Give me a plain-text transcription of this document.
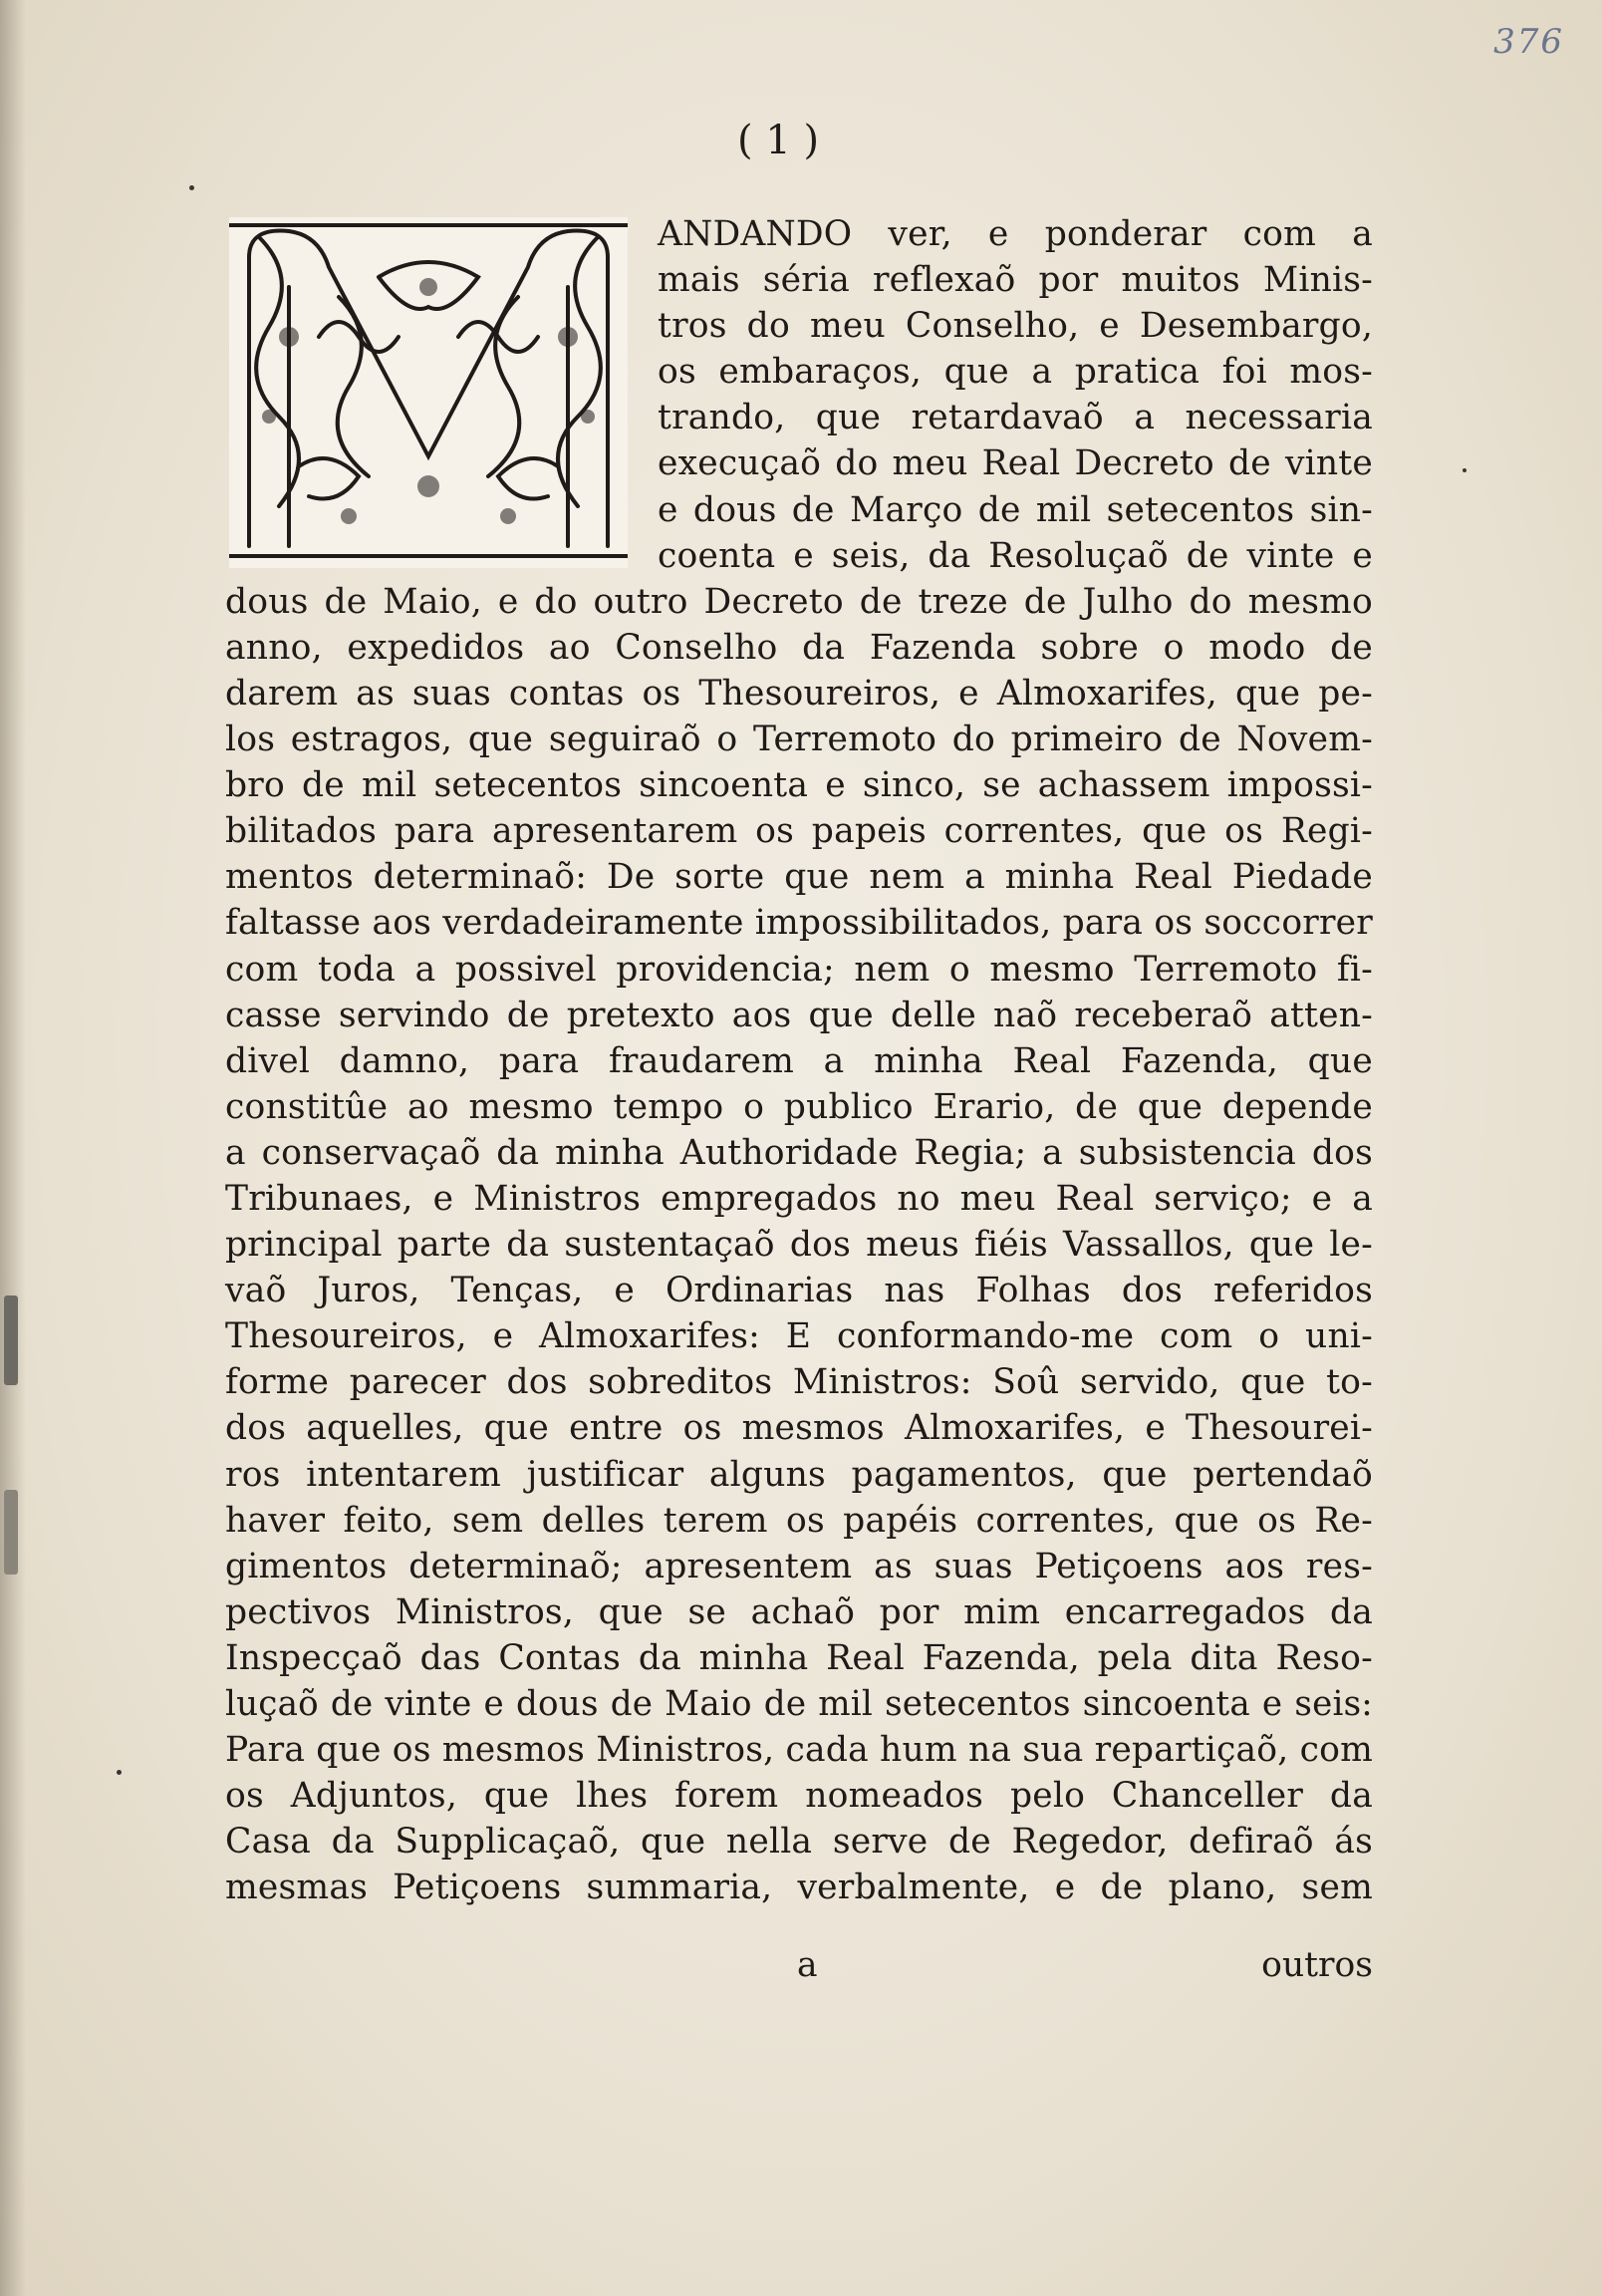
376
( 1 )
ANDANDO ver, e ponderar com a
mais séria reflexaõ por muitos Minis-
tros do meu Conselho, e Desembargo,
os embaraços, que a pratica foi mos-
trando, que retardavaõ a necessaria
execuçaõ do meu Real Decreto de vinte
e dous de Março de mil setecentos sin-
coenta e seis, da Resoluçaõ de vinte e
dous de Maio, e do outro Decreto de treze de Julho do mesmo
anno, expedidos ao Conselho da Fazenda sobre o modo de
darem as suas contas os Thesoureiros, e Almoxarifes, que pe-
los estragos, que seguiraõ o Terremoto do primeiro de Novem-
bro de mil setecentos sincoenta e sinco, se achassem impossi-
bilitados para apresentarem os papeis correntes, que os Regi-
mentos determinaõ: De sorte que nem a minha Real Piedade
faltasse aos verdadeiramente impossibilitados, para os soccorrer
com toda a possivel providencia; nem o mesmo Terremoto fi-
casse servindo de pretexto aos que delle naõ receberaõ atten-
divel damno, para fraudarem a minha Real Fazenda, que
constitûe ao mesmo tempo o publico Erario, de que depende
a conservaçaõ da minha Authoridade Regia; a subsistencia dos
Tribunaes, e Ministros empregados no meu Real serviço; e a
principal parte da sustentaçaõ dos meus fiéis Vassallos, que le-
vaõ Juros, Tenças, e Ordinarias nas Folhas dos referidos
Thesoureiros, e Almoxarifes: E conformando-me com o uni-
forme parecer dos sobreditos Ministros: Soû servido, que to-
dos aquelles, que entre os mesmos Almoxarifes, e Thesourei-
ros intentarem justificar alguns pagamentos, que pertendaõ
haver feito, sem delles terem os papéis correntes, que os Re-
gimentos determinaõ; apresentem as suas Petiçoens aos res-
pectivos Ministros, que se achaõ por mim encarregados da
Inspecçaõ das Contas da minha Real Fazenda, pela dita Reso-
luçaõ de vinte e dous de Maio de mil setecentos sincoenta e seis:
Para que os mesmos Ministros, cada hum na sua repartiçaõ, com
os Adjuntos, que lhes forem nomeados pelo Chanceller da
Casa da Supplicaçaõ, que nella serve de Regedor, defiraõ ás
mesmas Petiçoens summaria, verbalmente, e de plano, sem
a	outros
